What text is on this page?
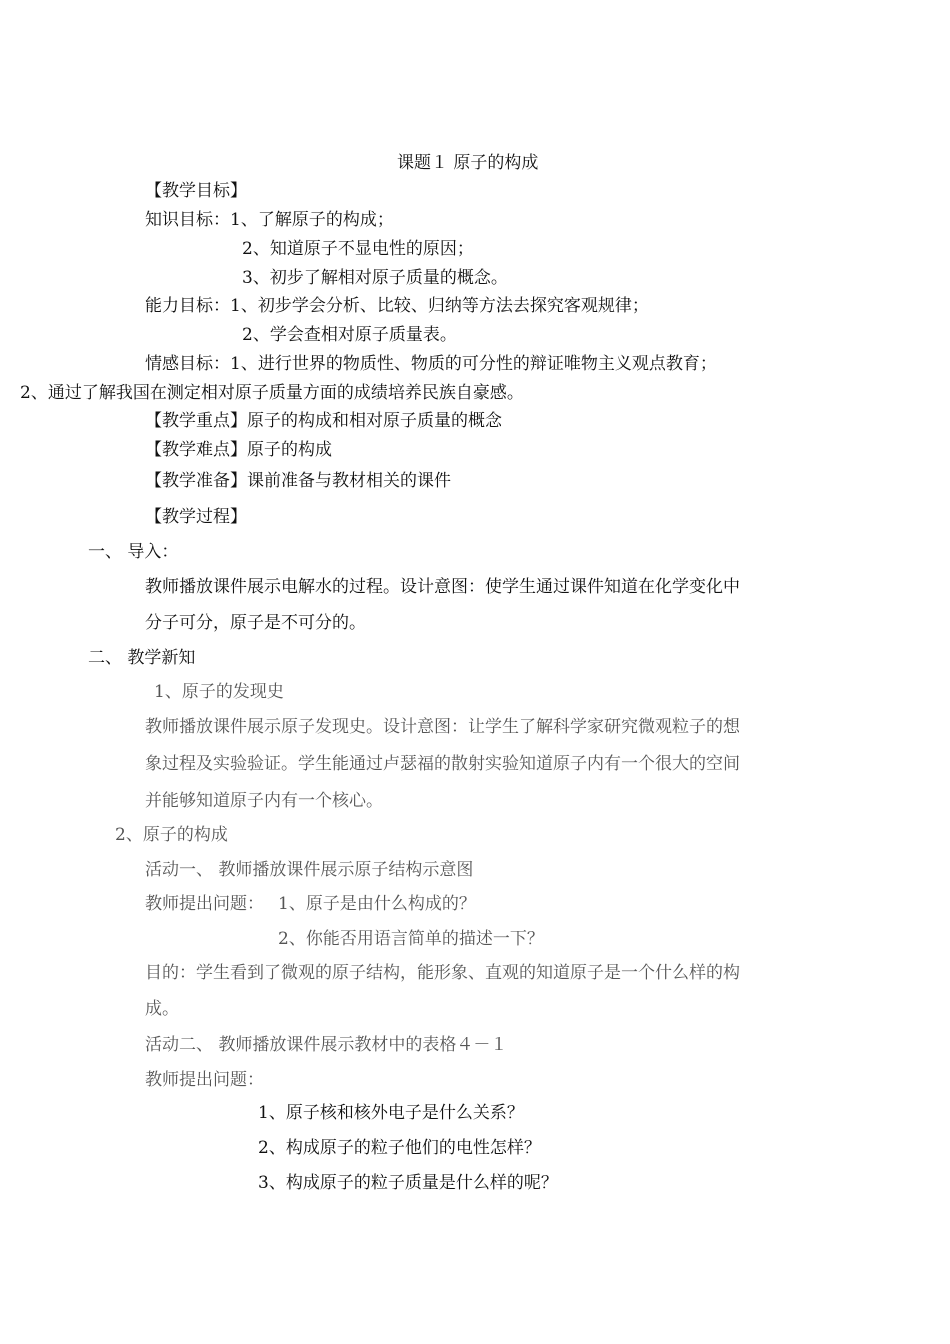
课题１ 原子的构成
【教学目标】
知识目标： 1、了解原子的构成；
2、知道原子不显电性的原因；
3、初步了解相对原子质量的概念。
能力目标： 1、初步学会分析、比较、归纳等方法去探究客观规律；
2、学会查相对原子质量表。
情感目标： 1、进行世界的物质性、物质的可分性的辩证唯物主义观点教育；
2、通过了解我国在测定相对原子质量方面的成绩培养民族自豪感。
【教学重点】原子的构成和相对原子质量的概念
【教学难点】原子的构成
【教学准备】课前准备与教材相关的课件
【教学过程】
一、 导入：
教师播放课件展示电解水的过程。设计意图：使学生通过课件知道在化学变化中
分子可分，原子是不可分的。
二、 教学新知
1、原子的发现史
教师播放课件展示原子发现史。设计意图：让学生了解科学家研究微观粒子的想
象过程及实验验证。学生能通过卢瑟福的散射实验知道原子内有一个很大的空间
并能够知道原子内有一个核心。
2、原子的构成
活动一、 教师播放课件展示原子结构示意图
教师提出问题： 1、原子是由什么构成的？
2、你能否用语言简单的描述一下？
目的：学生看到了微观的原子结构，能形象、直观的知道原子是一个什么样的构
成。
活动二、 教师播放课件展示教材中的表格４－１
教师提出问题：
1、原子核和核外电子是什么关系？
2、构成原子的粒子他们的电性怎样？
3、构成原子的粒子质量是什么样的呢？
